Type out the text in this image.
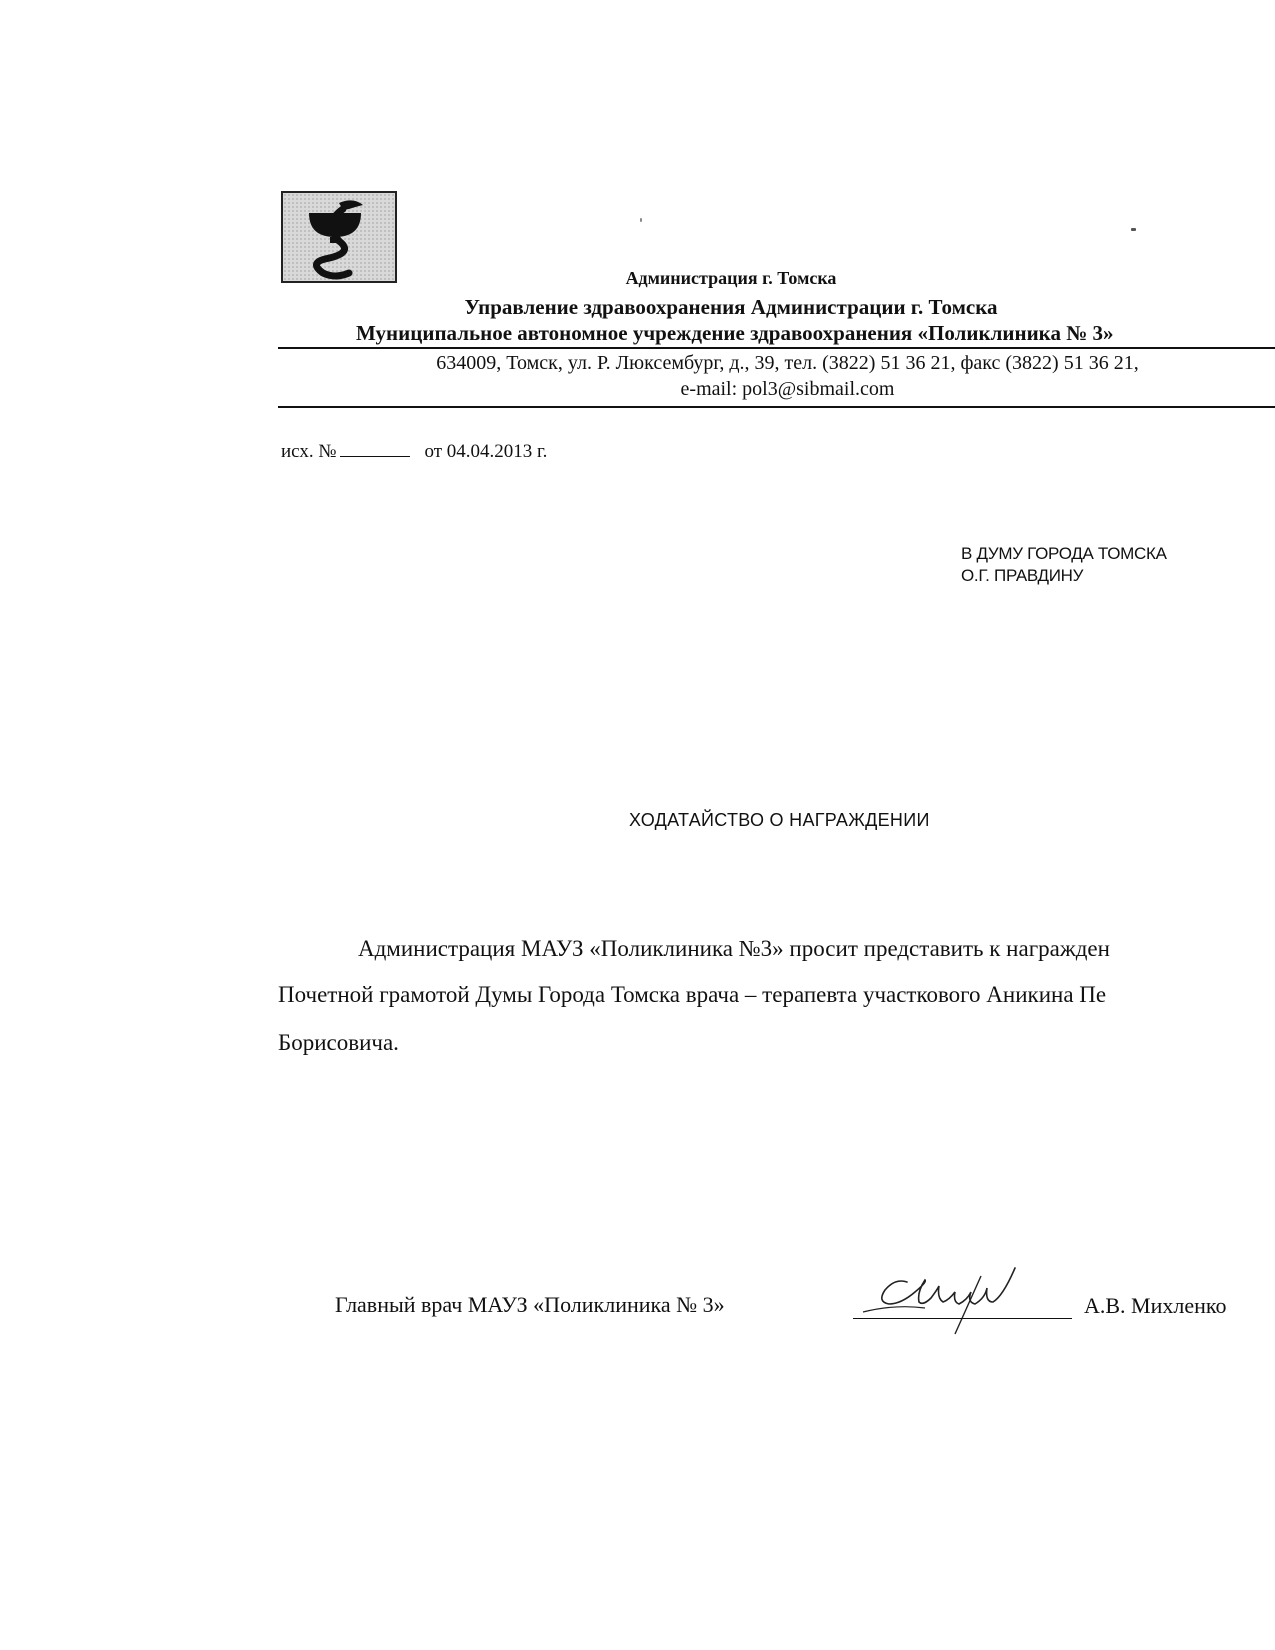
Администрация г. Томска
Управление здравоохранения Администрации г. Томска
Муниципальное автономное учреждение здравоохранения «Поликлиника № 3»
634009, Томск, ул. Р. Люксембург, д., 39, тел. (3822) 51 36 21, факс (3822) 51 36 21,
e-mail: pol3@sibmail.com
исх. №	от 04.04.2013 г.
В ДУМУ ГОРОДА ТОМСКА
О.Г. ПРАВДИНУ
ХОДАТАЙСТВО О НАГРАЖДЕНИИ
Администрация МАУЗ «Поликлиника №3» просит представить к награжден
Почетной грамотой Думы Города Томска врача – терапевта участкового Аникина Пе
Борисовича.
Главный врач МАУЗ «Поликлиника № 3»	А.В. Михленко
